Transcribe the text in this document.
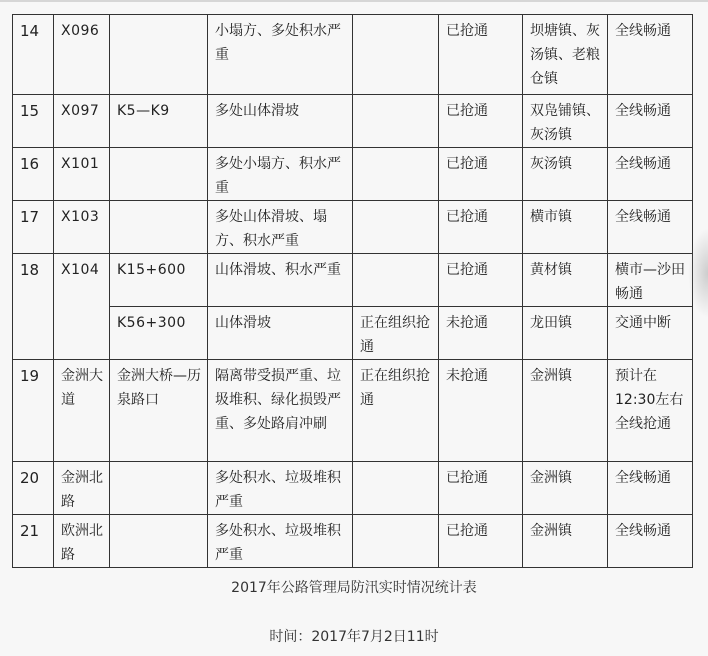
14	X096		小塌方、多处积水严重		已抢通	坝塘镇、灰汤镇、老粮仓镇	全线畅通
15	X097	K5—K9	多处山体滑坡		已抢通	双凫铺镇、灰汤镇	全线畅通
16	X101		多处小塌方、积水严重		已抢通	灰汤镇	全线畅通
17	X103		多处山体滑坡、塌方、积水严重		已抢通	横市镇	全线畅通
18	X104	K15+600	山体滑坡、积水严重		已抢通	黄材镇	横市—沙田畅通
		K56+300	山体滑坡	正在组织抢通	未抢通	龙田镇	交通中断
19	金洲大道	金洲大桥—历泉路口	隔离带受损严重、垃圾堆积、绿化损毁严重、多处路肩冲刷	正在组织抢通	未抢通	金洲镇	预计在12:30左右全线抢通
20	金洲北路		多处积水、垃圾堆积严重		已抢通	金洲镇	全线畅通
21	欧洲北路		多处积水、垃圾堆积严重		已抢通	金洲镇	全线畅通
2017年公路管理局防汛实时情况统计表
时间：2017年7月2日11时
